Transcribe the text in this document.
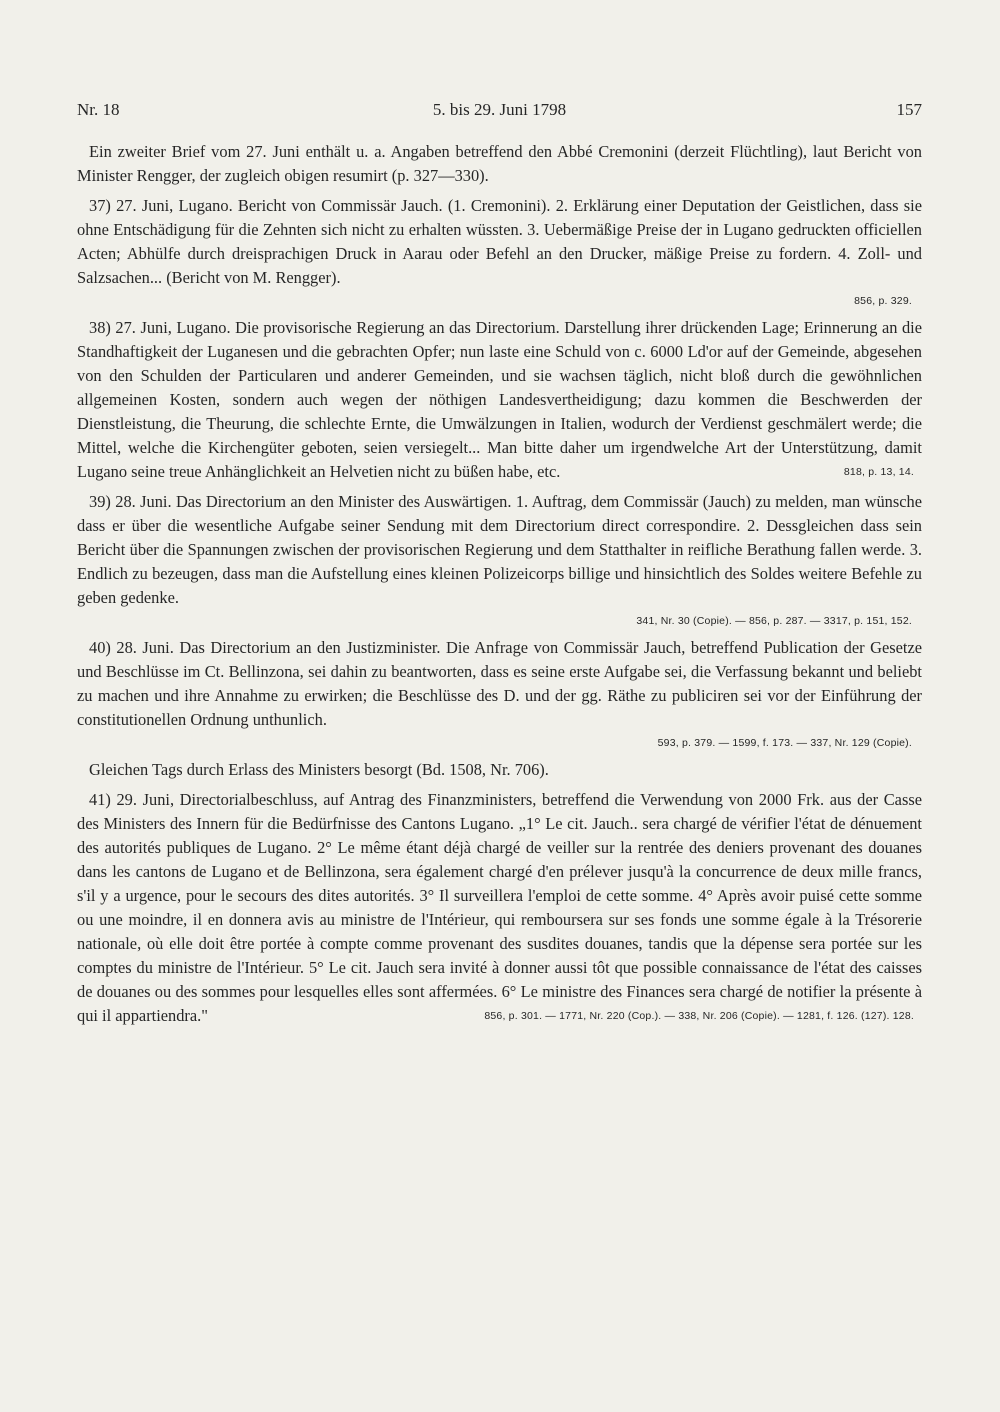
Nr. 18	5. bis 29. Juni 1798	157

Ein zweiter Brief vom 27. Juni enthält u. a. Angaben betreffend den Abbé Cremonini (derzeit Flüchtling), laut Bericht von Minister Rengger, der zugleich obigen resumirt (p. 327—330).

37) 27. Juni, Lugano. Bericht von Commissär Jauch. (1. Cremonini). 2. Erklärung einer Deputation der Geistlichen, dass sie ohne Entschädigung für die Zehnten sich nicht zu erhalten wüssten. 3. Uebermäßige Preise der in Lugano gedruckten officiellen Acten; Abhülfe durch dreisprachigen Druck in Aarau oder Befehl an den Drucker, mäßige Preise zu fordern. 4. Zoll- und Salzsachen... (Bericht von M. Rengger).

856, p. 329.

38) 27. Juni, Lugano. Die provisorische Regierung an das Directorium. Darstellung ihrer drückenden Lage; Erinnerung an die Standhaftigkeit der Luganesen und die gebrachten Opfer; nun laste eine Schuld von c. 6000 Ld'or auf der Gemeinde, abgesehen von den Schulden der Particularen und anderer Gemeinden, und sie wachsen täglich, nicht bloß durch die gewöhnlichen allgemeinen Kosten, sondern auch wegen der nöthigen Landesvertheidigung; dazu kommen die Beschwerden der Dienstleistung, die Theurung, die schlechte Ernte, die Umwälzungen in Italien, wodurch der Verdienst geschmälert werde; die Mittel, welche die Kirchengüter geboten, seien versiegelt... Man bitte daher um irgendwelche Art der Unterstützung, damit Lugano seine treue Anhänglichkeit an Helvetien nicht zu büßen habe, etc.	818, p. 13, 14.

39) 28. Juni. Das Directorium an den Minister des Auswärtigen. 1. Auftrag, dem Commissär (Jauch) zu melden, man wünsche dass er über die wesentliche Aufgabe seiner Sendung mit dem Directorium direct correspondire. 2. Dessgleichen dass sein Bericht über die Spannungen zwischen der provisorischen Regierung und dem Statthalter in reifliche Berathung fallen werde. 3. Endlich zu bezeugen, dass man die Aufstellung eines kleinen Polizeicorps billige und hinsichtlich des Soldes weitere Befehle zu geben gedenke.

341, Nr. 30 (Copie). — 856, p. 287. — 3317, p. 151, 152.

40) 28. Juni. Das Directorium an den Justizminister. Die Anfrage von Commissär Jauch, betreffend Publication der Gesetze und Beschlüsse im Ct. Bellinzona, sei dahin zu beantworten, dass es seine erste Aufgabe sei, die Verfassung bekannt und beliebt zu machen und ihre Annahme zu erwirken; die Beschlüsse des D. und der gg. Räthe zu publiciren sei vor der Einführung der constitutionellen Ordnung unthunlich.

593, p. 379. — 1599, f. 173. — 337, Nr. 129 (Copie).

Gleichen Tags durch Erlass des Ministers besorgt (Bd. 1508, Nr. 706).

41) 29. Juni, Directorialbeschluss, auf Antrag des Finanzministers, betreffend die Verwendung von 2000 Frk. aus der Casse des Ministers des Innern für die Bedürfnisse des Cantons Lugano. „1° Le cit. Jauch.. sera chargé de vérifier l'état de dénuement des autorités publiques de Lugano. 2° Le même étant déjà chargé de veiller sur la rentrée des deniers provenant des douanes dans les cantons de Lugano et de Bellinzona, sera également chargé d'en prélever jusqu'à la concurrence de deux mille francs, s'il y a urgence, pour le secours des dites autorités. 3° Il surveillera l'emploi de cette somme. 4° Après avoir puisé cette somme ou une moindre, il en donnera avis au ministre de l'Intérieur, qui remboursera sur ses fonds une somme égale à la Trésorerie nationale, où elle doit être portée à compte comme provenant des susdites douanes, tandis que la dépense sera portée sur les comptes du ministre de l'Intérieur. 5° Le cit. Jauch sera invité à donner aussi tôt que possible connaissance de l'état des caisses de douanes ou des sommes pour lesquelles elles sont affermées. 6° Le ministre des Finances sera chargé de notifier la présente à qui il appartiendra."	856, p. 301. — 1771, Nr. 220 (Cop.). — 338, Nr. 206 (Copie). — 1281, f. 126. (127). 128.
